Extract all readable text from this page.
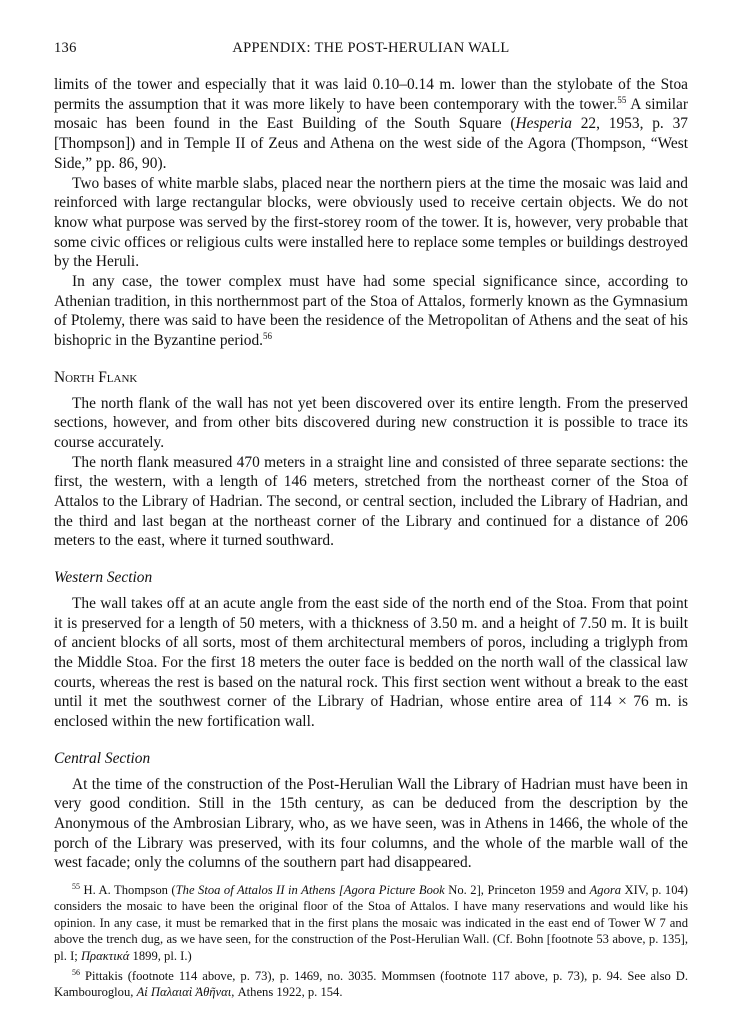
136	APPENDIX: THE POST-HERULIAN WALL

limits of the tower and especially that it was laid 0.10–0.14 m. lower than the stylobate of the Stoa permits the assumption that it was more likely to have been contemporary with the tower.$^{55}$ A similar mosaic has been found in the East Building of the South Square (Hesperia 22, 1953, p. 37 [Thompson]) and in Temple II of Zeus and Athena on the west side of the Agora (Thompson, “West Side,” pp. 86, 90).

Two bases of white marble slabs, placed near the northern piers at the time the mosaic was laid and reinforced with large rectangular blocks, were obviously used to receive certain objects. We do not know what purpose was served by the first-storey room of the tower. It is, however, very probable that some civic offices or religious cults were installed here to replace some temples or buildings destroyed by the Heruli.

In any case, the tower complex must have had some special significance since, according to Athenian tradition, in this northernmost part of the Stoa of Attalos, formerly known as the Gymnasium of Ptolemy, there was said to have been the residence of the Metropolitan of Athens and the seat of his bishopric in the Byzantine period.$^{56}$

North Flank

The north flank of the wall has not yet been discovered over its entire length. From the preserved sections, however, and from other bits discovered during new construction it is possible to trace its course accurately.

The north flank measured 470 meters in a straight line and consisted of three separate sections: the first, the western, with a length of 146 meters, stretched from the northeast corner of the Stoa of Attalos to the Library of Hadrian. The second, or central section, included the Library of Hadrian, and the third and last began at the northeast corner of the Library and continued for a distance of 206 meters to the east, where it turned southward.

Western Section

The wall takes off at an acute angle from the east side of the north end of the Stoa. From that point it is preserved for a length of 50 meters, with a thickness of 3.50 m. and a height of 7.50 m. It is built of ancient blocks of all sorts, most of them architectural members of poros, including a triglyph from the Middle Stoa. For the first 18 meters the outer face is bedded on the north wall of the classical law courts, whereas the rest is based on the natural rock. This first section went without a break to the east until it met the southwest corner of the Library of Hadrian, whose entire area of 114 × 76 m. is enclosed within the new fortification wall.

Central Section

At the time of the construction of the Post-Herulian Wall the Library of Hadrian must have been in very good condition. Still in the 15th century, as can be deduced from the description by the Anonymous of the Ambrosian Library, who, as we have seen, was in Athens in 1466, the whole of the porch of the Library was preserved, with its four columns, and the whole of the marble wall of the west facade; only the columns of the southern part had disappeared.

$^{55}$ H. A. Thompson (The Stoa of Attalos II in Athens [Agora Picture Book No. 2], Princeton 1959 and Agora XIV, p. 104) considers the mosaic to have been the original floor of the Stoa of Attalos. I have many reservations and would like his opinion. In any case, it must be remarked that in the first plans the mosaic was indicated in the east end of Tower W 7 and above the trench dug, as we have seen, for the construction of the Post-Herulian Wall. (Cf. Bohn [footnote 53 above, p. 135], pl. I; Πρακτικά 1899, pl. I.)

$^{56}$ Pittakis (footnote 114 above, p. 73), p. 1469, no. 3035. Mommsen (footnote 117 above, p. 73), p. 94. See also D. Kambouroglou, Αἱ Παλαιαὶ Ἀθῆναι, Athens 1922, p. 154.
